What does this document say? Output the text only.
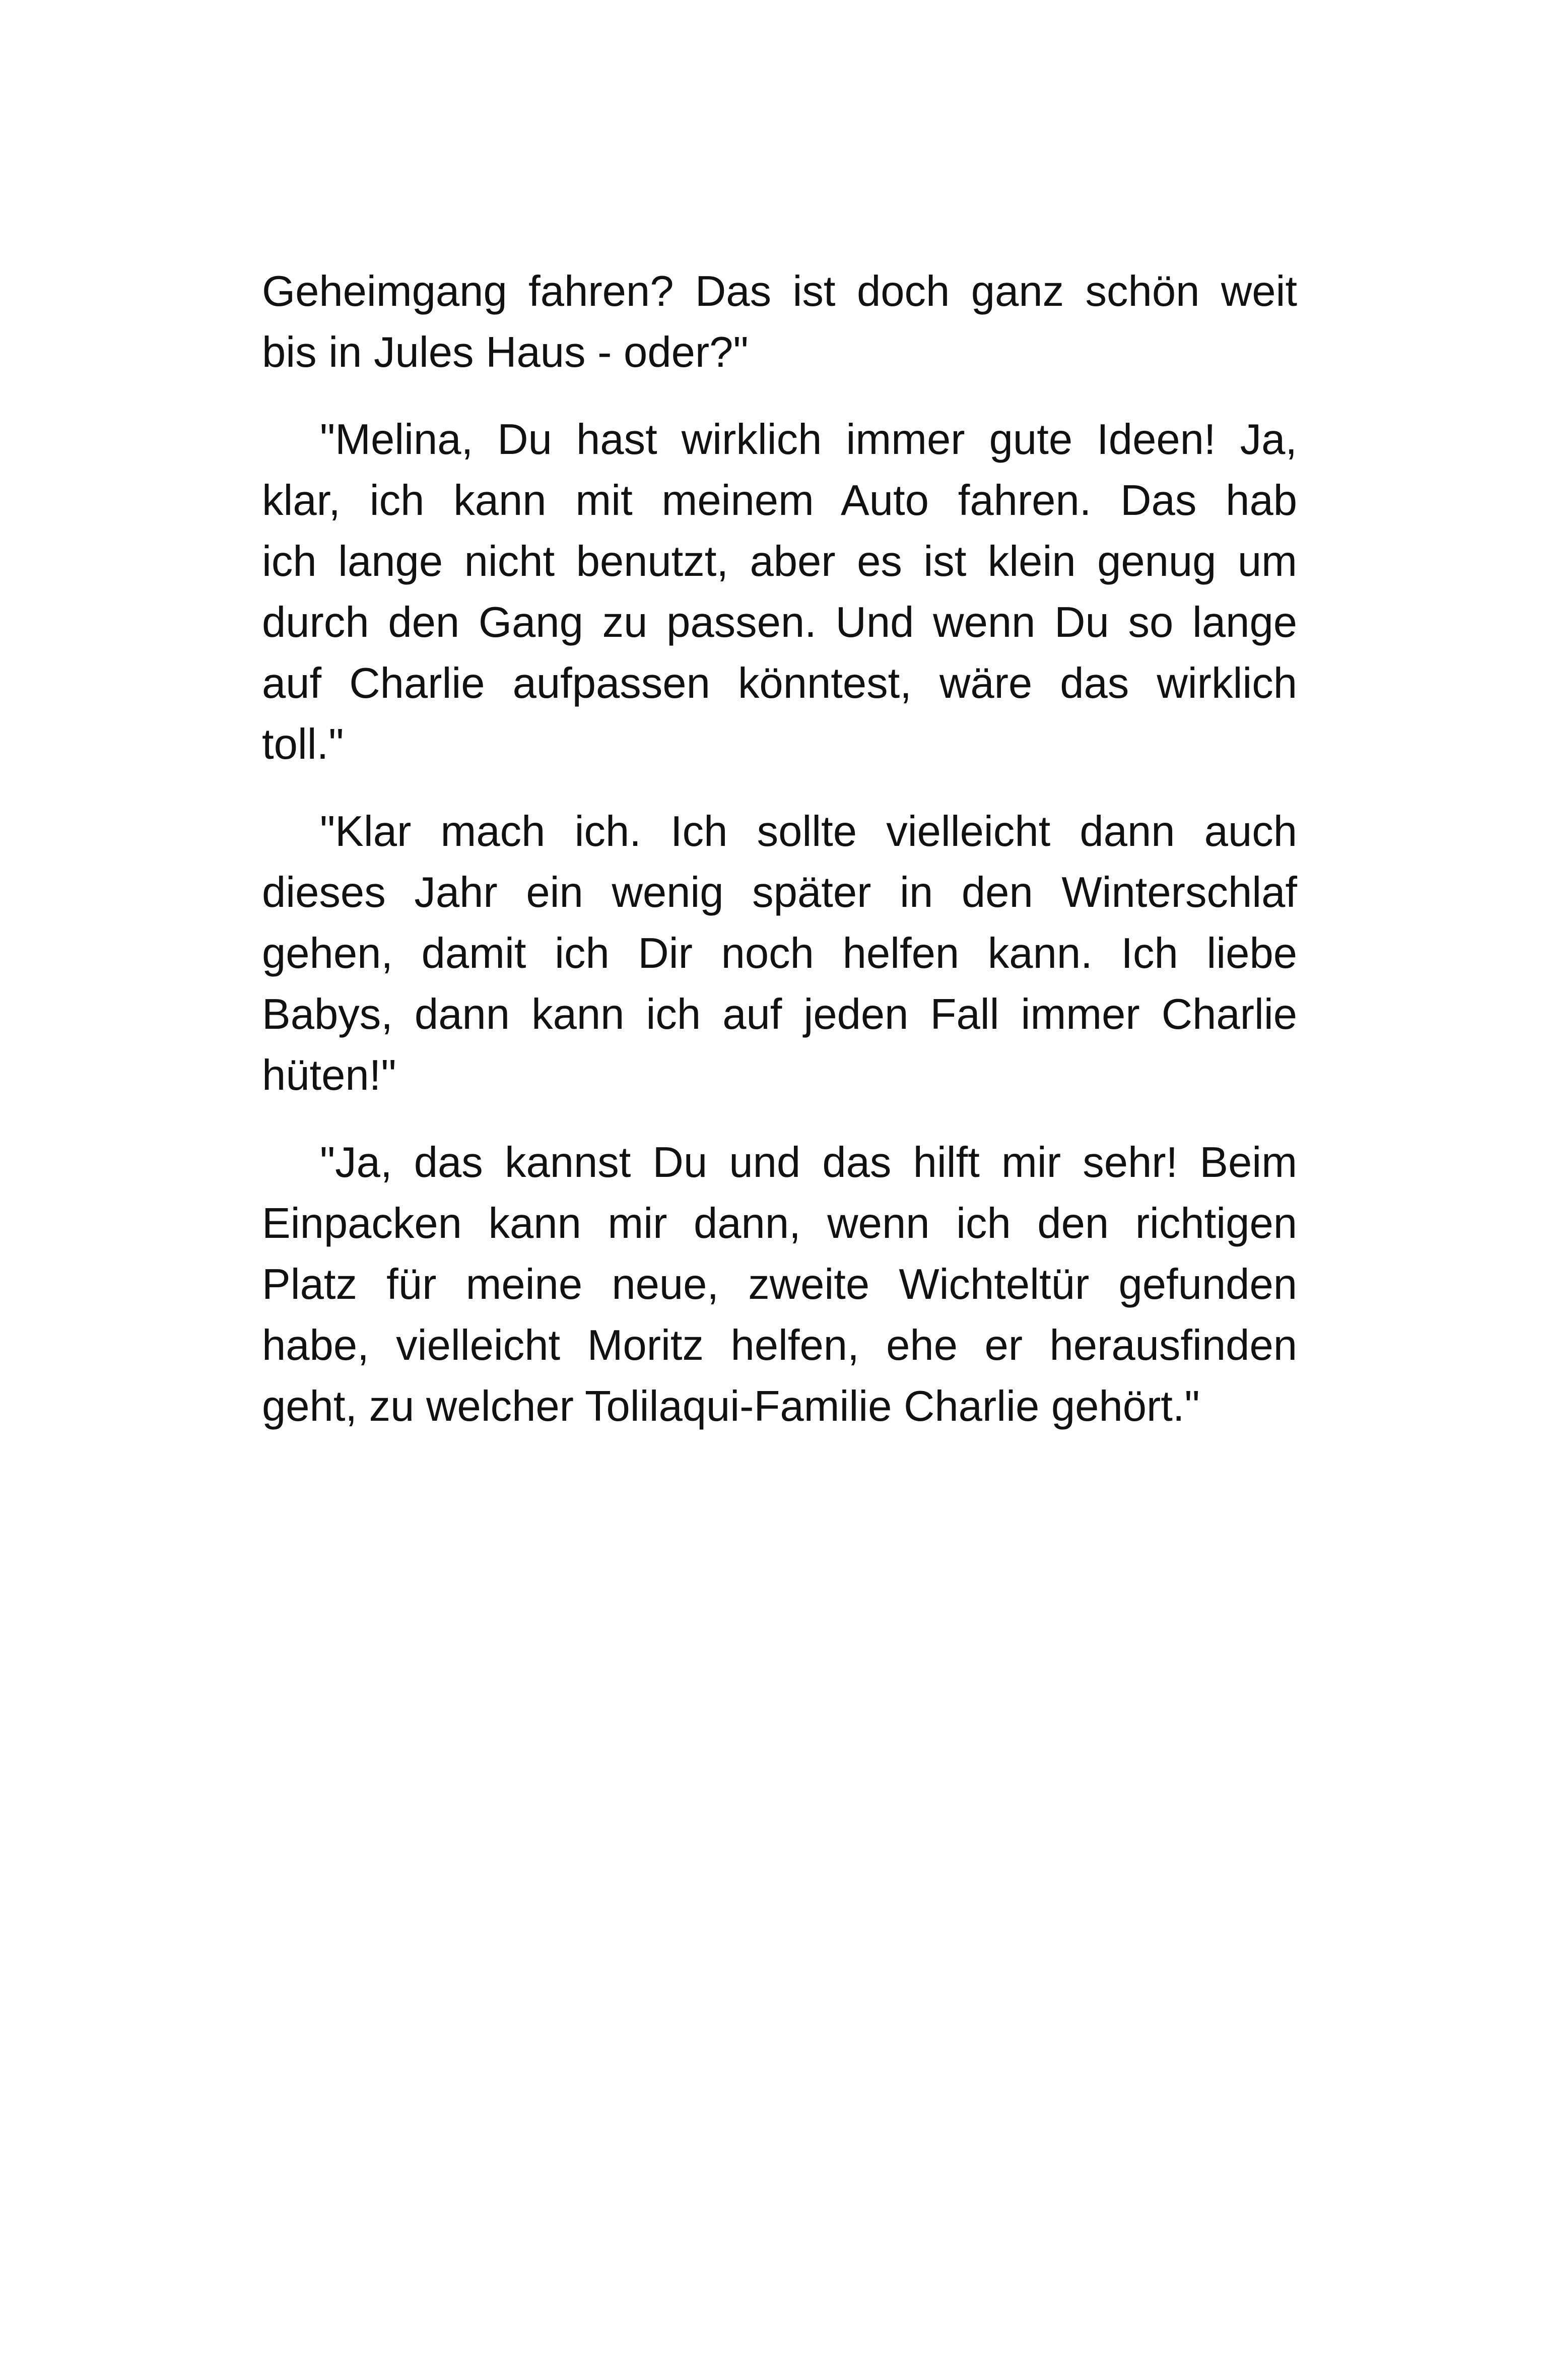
Geheimgang fahren? Das ist doch ganz schön weit
bis in Jules Haus - oder?"

"Melina, Du hast wirklich immer gute Ideen! Ja,
klar, ich kann mit meinem Auto fahren. Das hab
ich lange nicht benutzt, aber es ist klein genug um
durch den Gang zu passen. Und wenn Du so lange
auf Charlie aufpassen könntest, wäre das wirklich
toll."

"Klar mach ich. Ich sollte vielleicht dann auch
dieses Jahr ein wenig später in den Winterschlaf
gehen, damit ich Dir noch helfen kann. Ich liebe
Babys, dann kann ich auf jeden Fall immer Charlie
hüten!"

"Ja, das kannst Du und das hilft mir sehr! Beim
Einpacken kann mir dann, wenn ich den richtigen
Platz für meine neue, zweite Wichteltür gefunden
habe, vielleicht Moritz helfen, ehe er herausfinden
geht, zu welcher Tolilaqui-Familie Charlie gehört."
